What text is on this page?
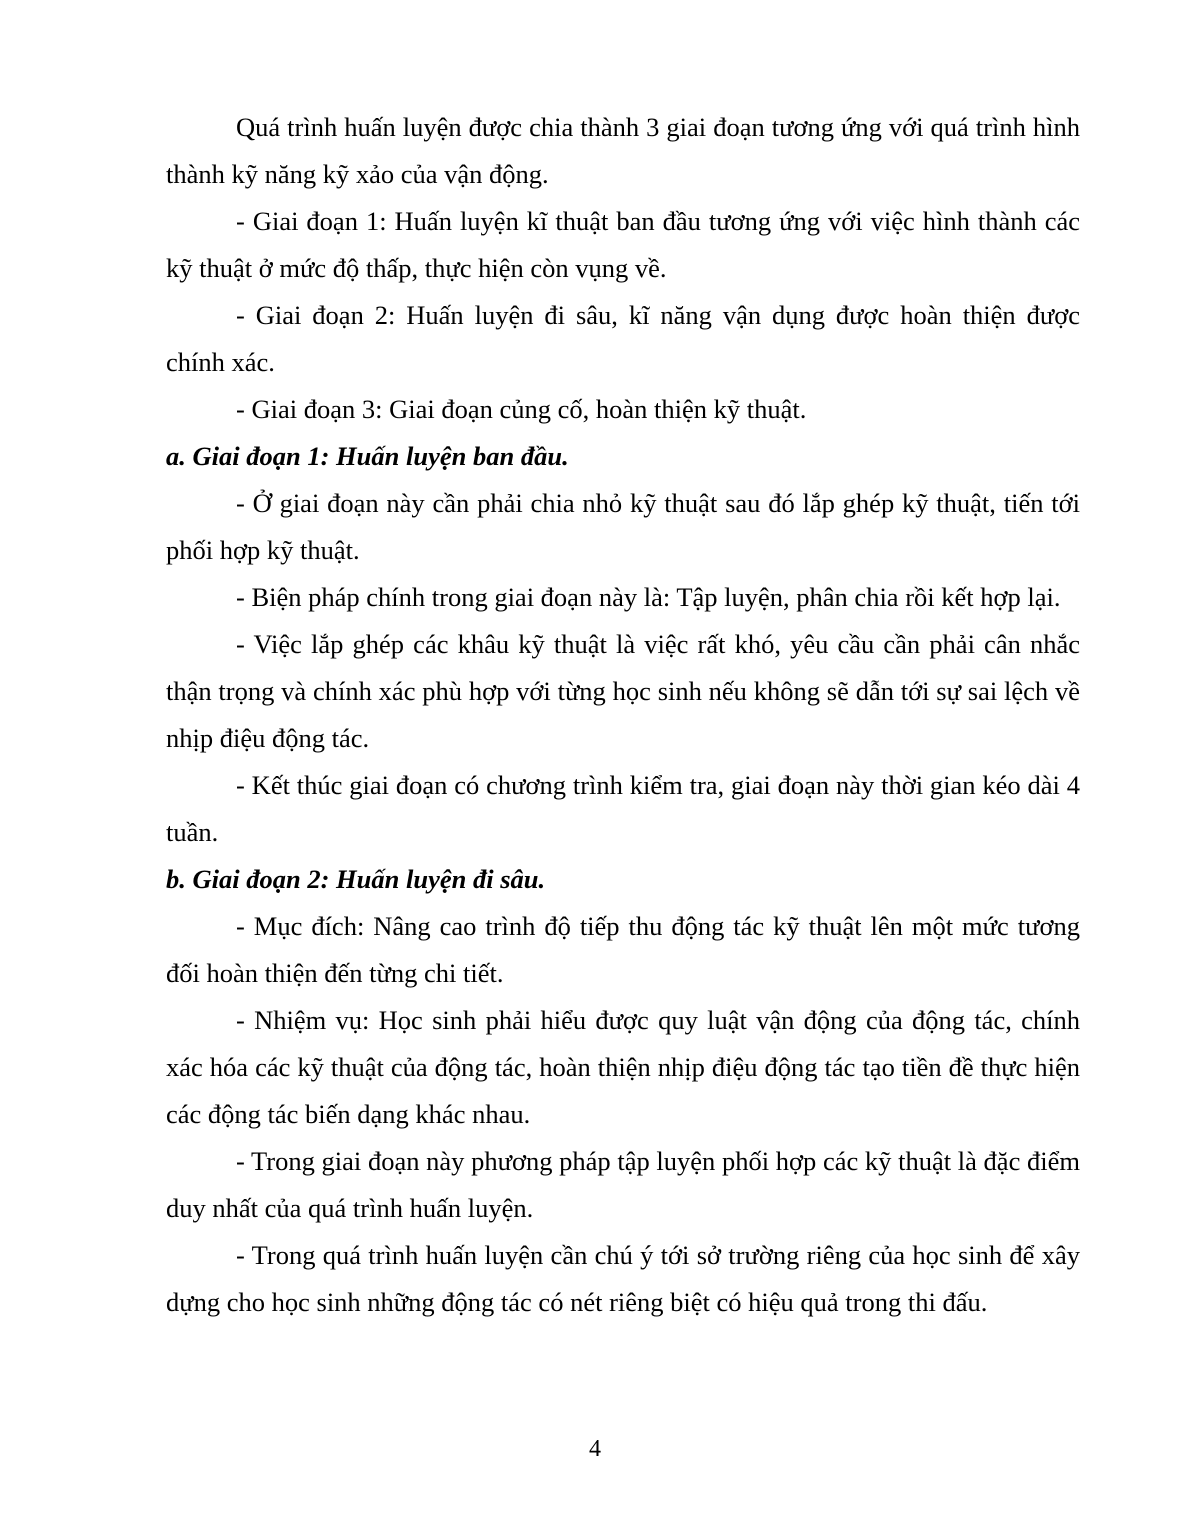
Quá trình huấn luyện được chia thành 3 giai đoạn tương ứng với quá trình hình thành kỹ năng kỹ xảo của vận động.

- Giai đoạn 1: Huấn luyện kĩ thuật ban đầu tương ứng với việc hình thành các kỹ thuật ở mức độ thấp, thực hiện còn vụng về.

- Giai đoạn 2: Huấn luyện đi sâu, kĩ năng vận dụng được hoàn thiện được chính xác.

- Giai đoạn 3: Giai đoạn củng cố, hoàn thiện kỹ thuật.

a. Giai đoạn 1: Huấn luyện ban đầu.

- Ở giai đoạn này cần phải chia nhỏ kỹ thuật sau đó lắp ghép kỹ thuật, tiến tới phối hợp kỹ thuật.

- Biện pháp chính trong giai đoạn này là: Tập luyện, phân chia rồi kết hợp lại.

- Việc lắp ghép các khâu kỹ thuật là việc rất khó, yêu cầu cần phải cân nhắc thận trọng và chính xác phù hợp với từng học sinh nếu không sẽ dẫn tới sự sai lệch về nhịp điệu động tác.

- Kết thúc giai đoạn có chương trình kiểm tra, giai đoạn này thời gian kéo dài 4 tuần.

b. Giai đoạn 2: Huấn luyện đi sâu.

- Mục đích: Nâng cao trình độ tiếp thu động tác kỹ thuật lên một mức tương đối hoàn thiện đến từng chi tiết.

- Nhiệm vụ: Học sinh phải hiểu được quy luật vận động của động tác, chính xác hóa các kỹ thuật của động tác, hoàn thiện nhịp điệu động tác tạo tiền đề thực hiện các động tác biến dạng khác nhau.

- Trong giai đoạn này phương pháp tập luyện phối hợp các kỹ thuật là đặc điểm duy nhất của quá trình huấn luyện.

- Trong quá trình huấn luyện cần chú ý tới sở trường riêng của học sinh để xây dựng cho học sinh những động tác có nét riêng biệt có hiệu quả trong thi đấu.

4
